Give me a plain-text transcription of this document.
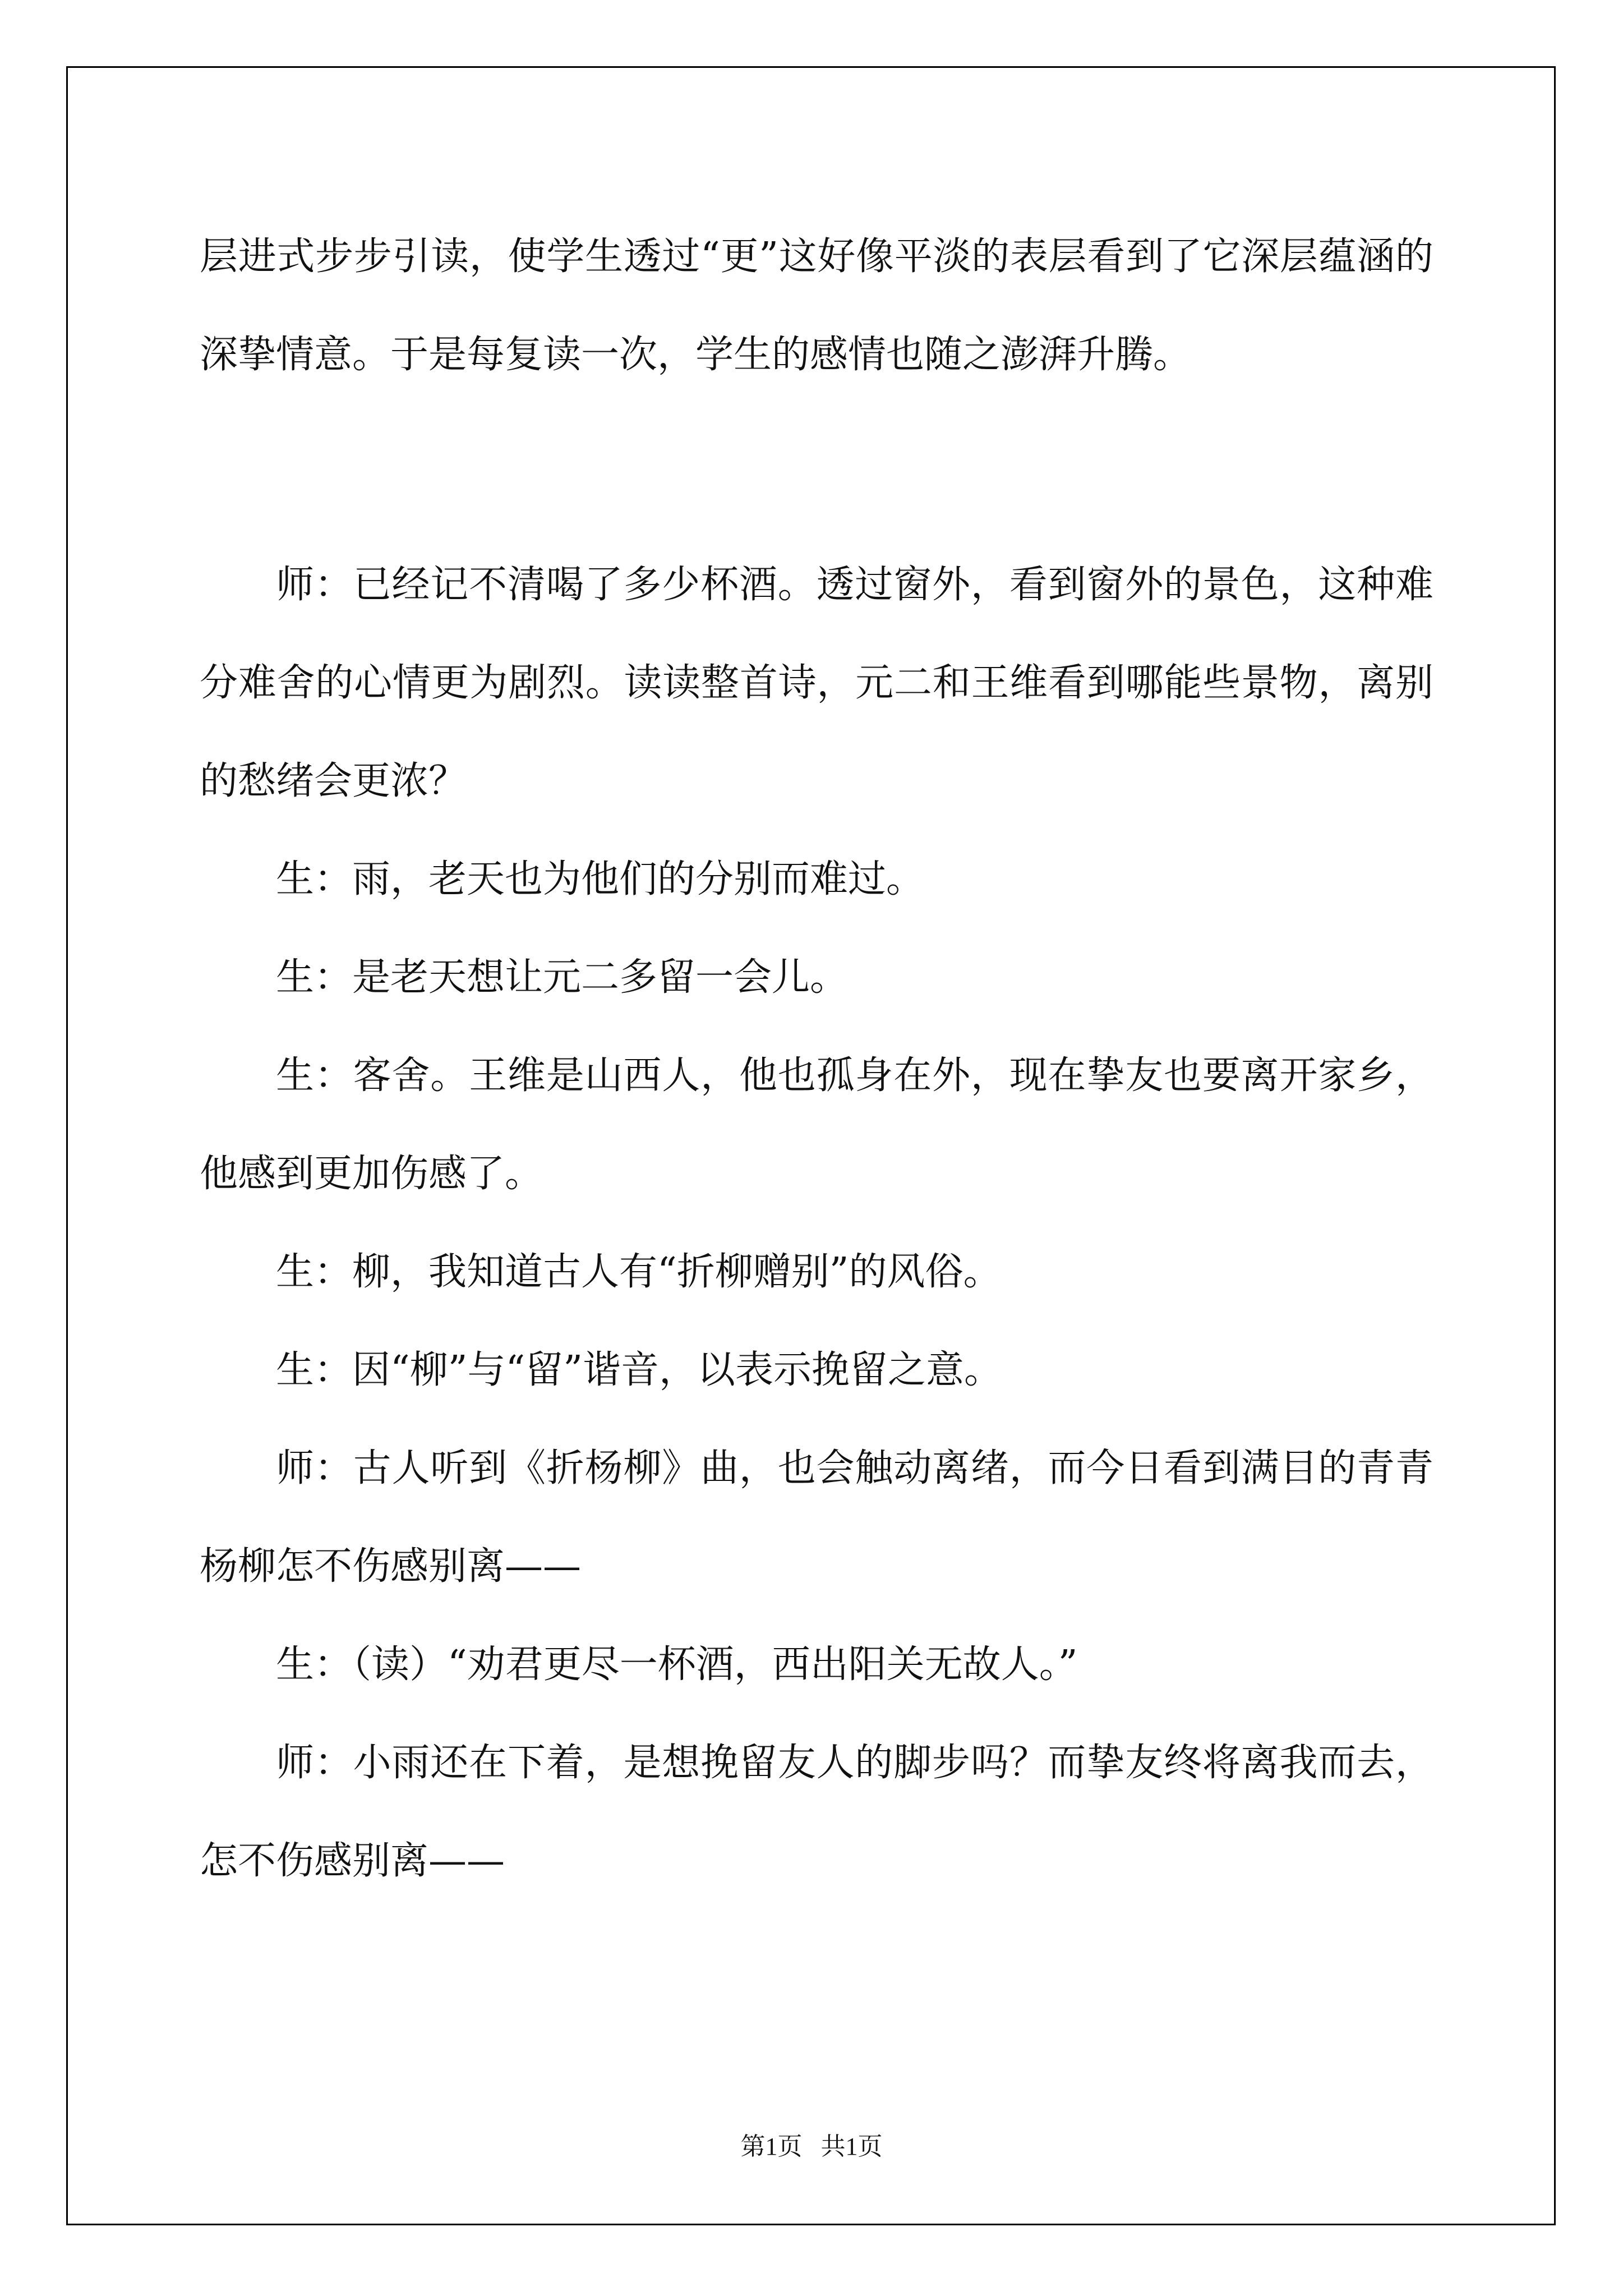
层进式步步引读，使学生透过“更”这好像平淡的表层看到了它深层蕴涵的深挚情意。于是每复读一次，学生的感情也随之澎湃升腾。

师：已经记不清喝了多少杯酒。透过窗外，看到窗外的景色，这种难分难舍的心情更为剧烈。读读整首诗，元二和王维看到哪能些景物，离别的愁绪会更浓？

生：雨，老天也为他们的分别而难过。

生：是老天想让元二多留一会儿。

生：客舍。王维是山西人，他也孤身在外，现在挚友也要离开家乡，他感到更加伤感了。

生：柳，我知道古人有“折柳赠别”的风俗。

生：因“柳”与“留”谐音，以表示挽留之意。

师：古人听到《折杨柳》曲，也会触动离绪，而今日看到满目的青青杨柳怎不伤感别离——

生：（读）“劝君更尽一杯酒，西出阳关无故人。”

师：小雨还在下着，是想挽留友人的脚步吗？而挚友终将离我而去，怎不伤感别离——

第1页 共1页
